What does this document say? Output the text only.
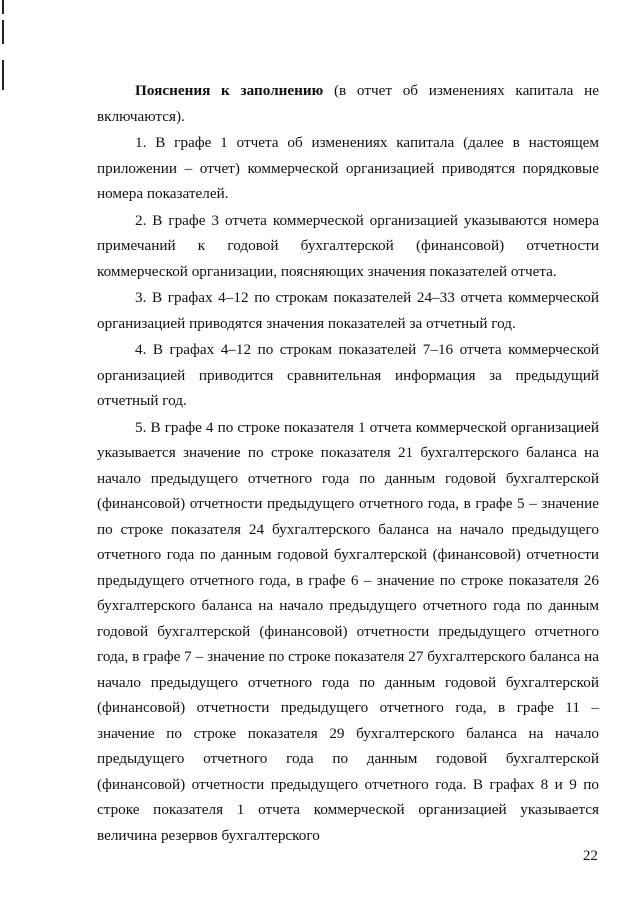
Пояснения к заполнению (в отчет об изменениях капитала не включаются).

1. В графе 1 отчета об изменениях капитала (далее в настоящем приложении – отчет) коммерческой организацией приводятся порядковые номера показателей.

2. В графе 3 отчета коммерческой организацией указываются номера примечаний к годовой бухгалтерской (финансовой) отчетности коммерческой организации, поясняющих значения показателей отчета.

3. В графах 4–12 по строкам показателей 24–33 отчета коммерческой организацией приводятся значения показателей за отчетный год.

4. В графах 4–12 по строкам показателей 7–16 отчета коммерческой организацией приводится сравнительная информация за предыдущий отчетный год.

5. В графе 4 по строке показателя 1 отчета коммерческой организацией указывается значение по строке показателя 21 бухгалтерского баланса на начало предыдущего отчетного года по данным годовой бухгалтерской (финансовой) отчетности предыдущего отчетного года, в графе 5 – значение по строке показателя 24 бухгалтерского баланса на начало предыдущего отчетного года по данным годовой бухгалтерской (финансовой) отчетности предыдущего отчетного года, в графе 6 – значение по строке показателя 26 бухгалтерского баланса на начало предыдущего отчетного года по данным годовой бухгалтерской (финансовой) отчетности предыдущего отчетного года, в графе 7 – значение по строке показателя 27 бухгалтерского баланса на начало предыдущего отчетного года по данным годовой бухгалтерской (финансовой) отчетности предыдущего отчетного года, в графе 11 – значение по строке показателя 29 бухгалтерского баланса на начало предыдущего отчетного года по данным годовой бухгалтерской (финансовой) отчетности предыдущего отчетного года. В графах 8 и 9 по строке показателя 1 отчета коммерческой организацией указывается величина резервов бухгалтерского

22
